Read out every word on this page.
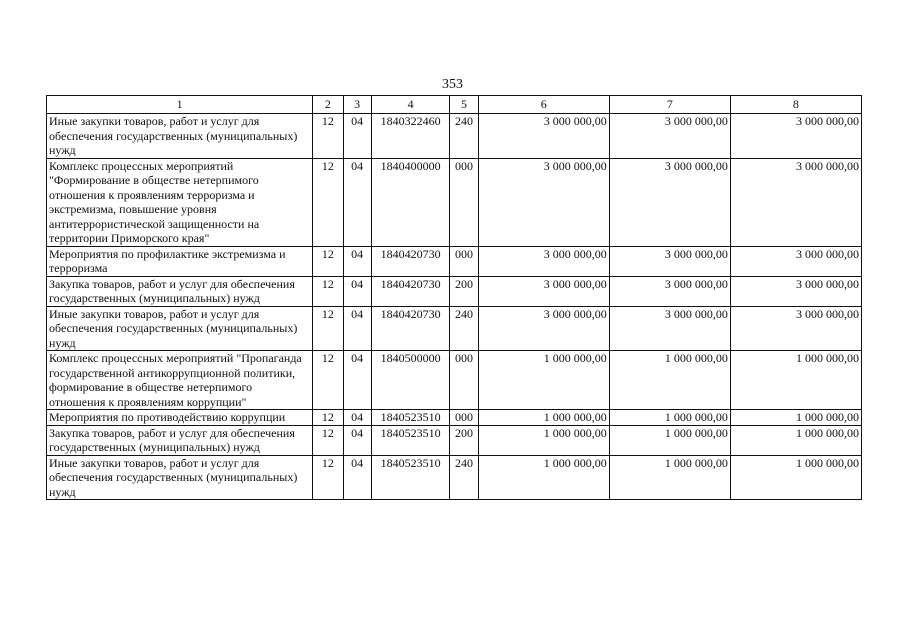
353
1	2	3	4	5	6	7	8
Иные закупки товаров, работ и услуг для обеспечения государственных (муниципальных) нужд	12	04	1840322460	240	3 000 000,00	3 000 000,00	3 000 000,00
Комплекс процессных мероприятий "Формирование в обществе нетерпимого отношения к проявлениям терроризма и экстремизма, повышение уровня антитеррористической защищенности на территории Приморского края"	12	04	1840400000	000	3 000 000,00	3 000 000,00	3 000 000,00
Мероприятия по профилактике экстремизма и терроризма	12	04	1840420730	000	3 000 000,00	3 000 000,00	3 000 000,00
Закупка товаров, работ и услуг для обеспечения государственных (муниципальных) нужд	12	04	1840420730	200	3 000 000,00	3 000 000,00	3 000 000,00
Иные закупки товаров, работ и услуг для обеспечения государственных (муниципальных) нужд	12	04	1840420730	240	3 000 000,00	3 000 000,00	3 000 000,00
Комплекс процессных мероприятий "Пропаганда государственной антикоррупционной политики, формирование в обществе нетерпимого отношения к проявлениям коррупции"	12	04	1840500000	000	1 000 000,00	1 000 000,00	1 000 000,00
Мероприятия по противодействию коррупции	12	04	1840523510	000	1 000 000,00	1 000 000,00	1 000 000,00
Закупка товаров, работ и услуг для обеспечения государственных (муниципальных) нужд	12	04	1840523510	200	1 000 000,00	1 000 000,00	1 000 000,00
Иные закупки товаров, работ и услуг для обеспечения государственных (муниципальных) нужд	12	04	1840523510	240	1 000 000,00	1 000 000,00	1 000 000,00
